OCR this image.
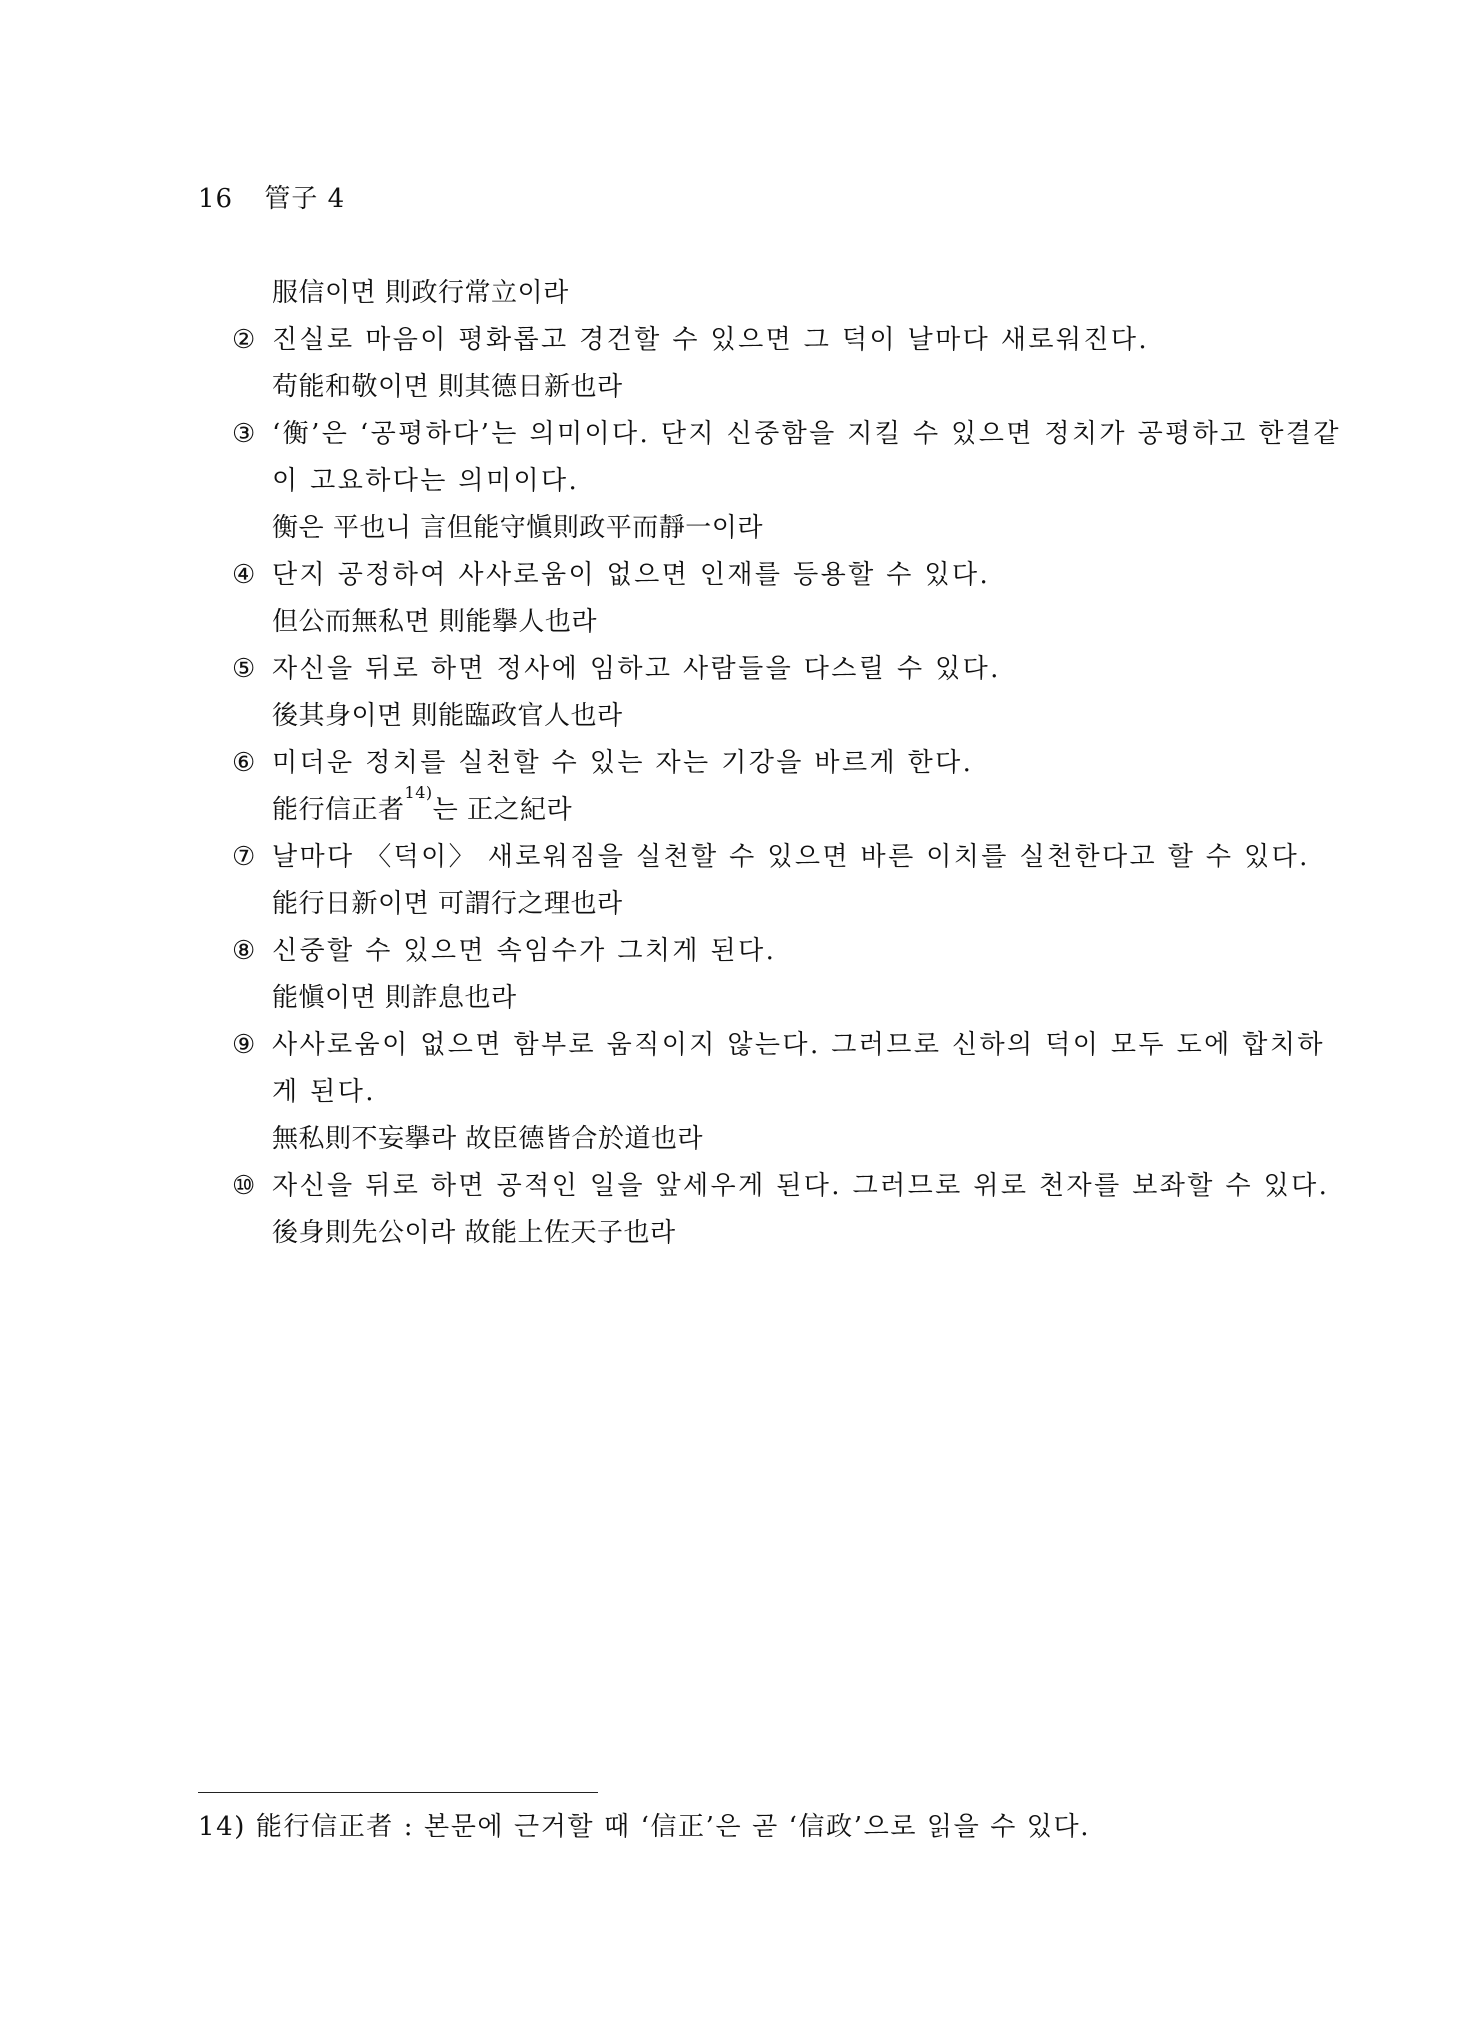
16 管子 4
服信이면 則政行常立이라
② 진실로 마음이 평화롭고 경건할 수 있으면 그 덕이 날마다 새로워진다.
苟能和敬이면 則其德日新也라
③ ‘衡’은 ‘공평하다’는 의미이다. 단지 신중함을 지킬 수 있으면 정치가 공평하고 한결같
이 고요하다는 의미이다.
衡은 平也니 言但能守愼則政平而靜一이라
④ 단지 공정하여 사사로움이 없으면 인재를 등용할 수 있다.
但公而無私면 則能擧人也라
⑤ 자신을 뒤로 하면 정사에 임하고 사람들을 다스릴 수 있다.
後其身이면 則能臨政官人也라
⑥ 미더운 정치를 실천할 수 있는 자는 기강을 바르게 한다.
能行信正者$^{14)}$는 正之紀라
⑦ 날마다 〈덕이〉 새로워짐을 실천할 수 있으면 바른 이치를 실천한다고 할 수 있다.
能行日新이면 可謂行之理也라
⑧ 신중할 수 있으면 속임수가 그치게 된다.
能愼이면 則詐息也라
⑨ 사사로움이 없으면 함부로 움직이지 않는다. 그러므로 신하의 덕이 모두 도에 합치하
게 된다.
無私則不妄擧라 故臣德皆合於道也라
⑩ 자신을 뒤로 하면 공적인 일을 앞세우게 된다. 그러므로 위로 천자를 보좌할 수 있다.
後身則先公이라 故能上佐天子也라
14) 能行信正者 : 본문에 근거할 때 ‘信正’은 곧 ‘信政’으로 읽을 수 있다.
